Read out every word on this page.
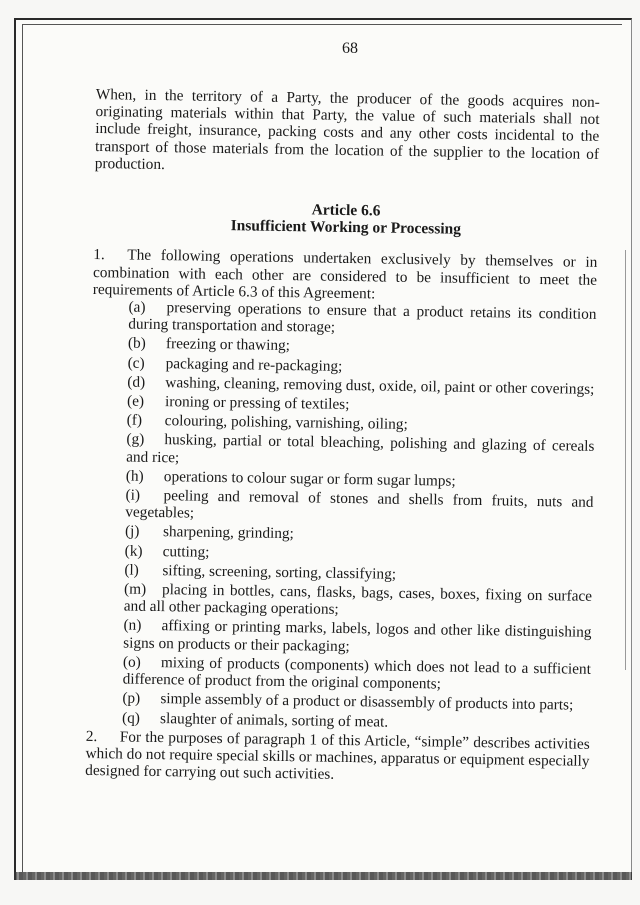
68

When, in the territory of a Party, the producer of the goods acquires non-originating materials within that Party, the value of such materials shall not include freight, insurance, packing costs and any other costs incidental to the transport of those materials from the location of the supplier to the location of production.

Article 6.6

Insufficient Working or Processing

1. The following operations undertaken exclusively by themselves or in combination with each other are considered to be insufficient to meet the requirements of Article 6.3 of this Agreement:

(a) preserving operations to ensure that a product retains its condition during transportation and storage;
(b) freezing or thawing;
(c) packaging and re-packaging;
(d) washing, cleaning, removing dust, oxide, oil, paint or other coverings;
(e) ironing or pressing of textiles;
(f) colouring, polishing, varnishing, oiling;
(g) husking, partial or total bleaching, polishing and glazing of cereals and rice;
(h) operations to colour sugar or form sugar lumps;
(i) peeling and removal of stones and shells from fruits, nuts and vegetables;
(j) sharpening, grinding;
(k) cutting;
(l) sifting, screening, sorting, classifying;
(m) placing in bottles, cans, flasks, bags, cases, boxes, fixing on surface and all other packaging operations;
(n) affixing or printing marks, labels, logos and other like distinguishing signs on products or their packaging;
(o) mixing of products (components) which does not lead to a sufficient difference of product from the original components;
(p) simple assembly of a product or disassembly of products into parts;
(q) slaughter of animals, sorting of meat.

2. For the purposes of paragraph 1 of this Article, “simple” describes activities which do not require special skills or machines, apparatus or equipment especially designed for carrying out such activities.
